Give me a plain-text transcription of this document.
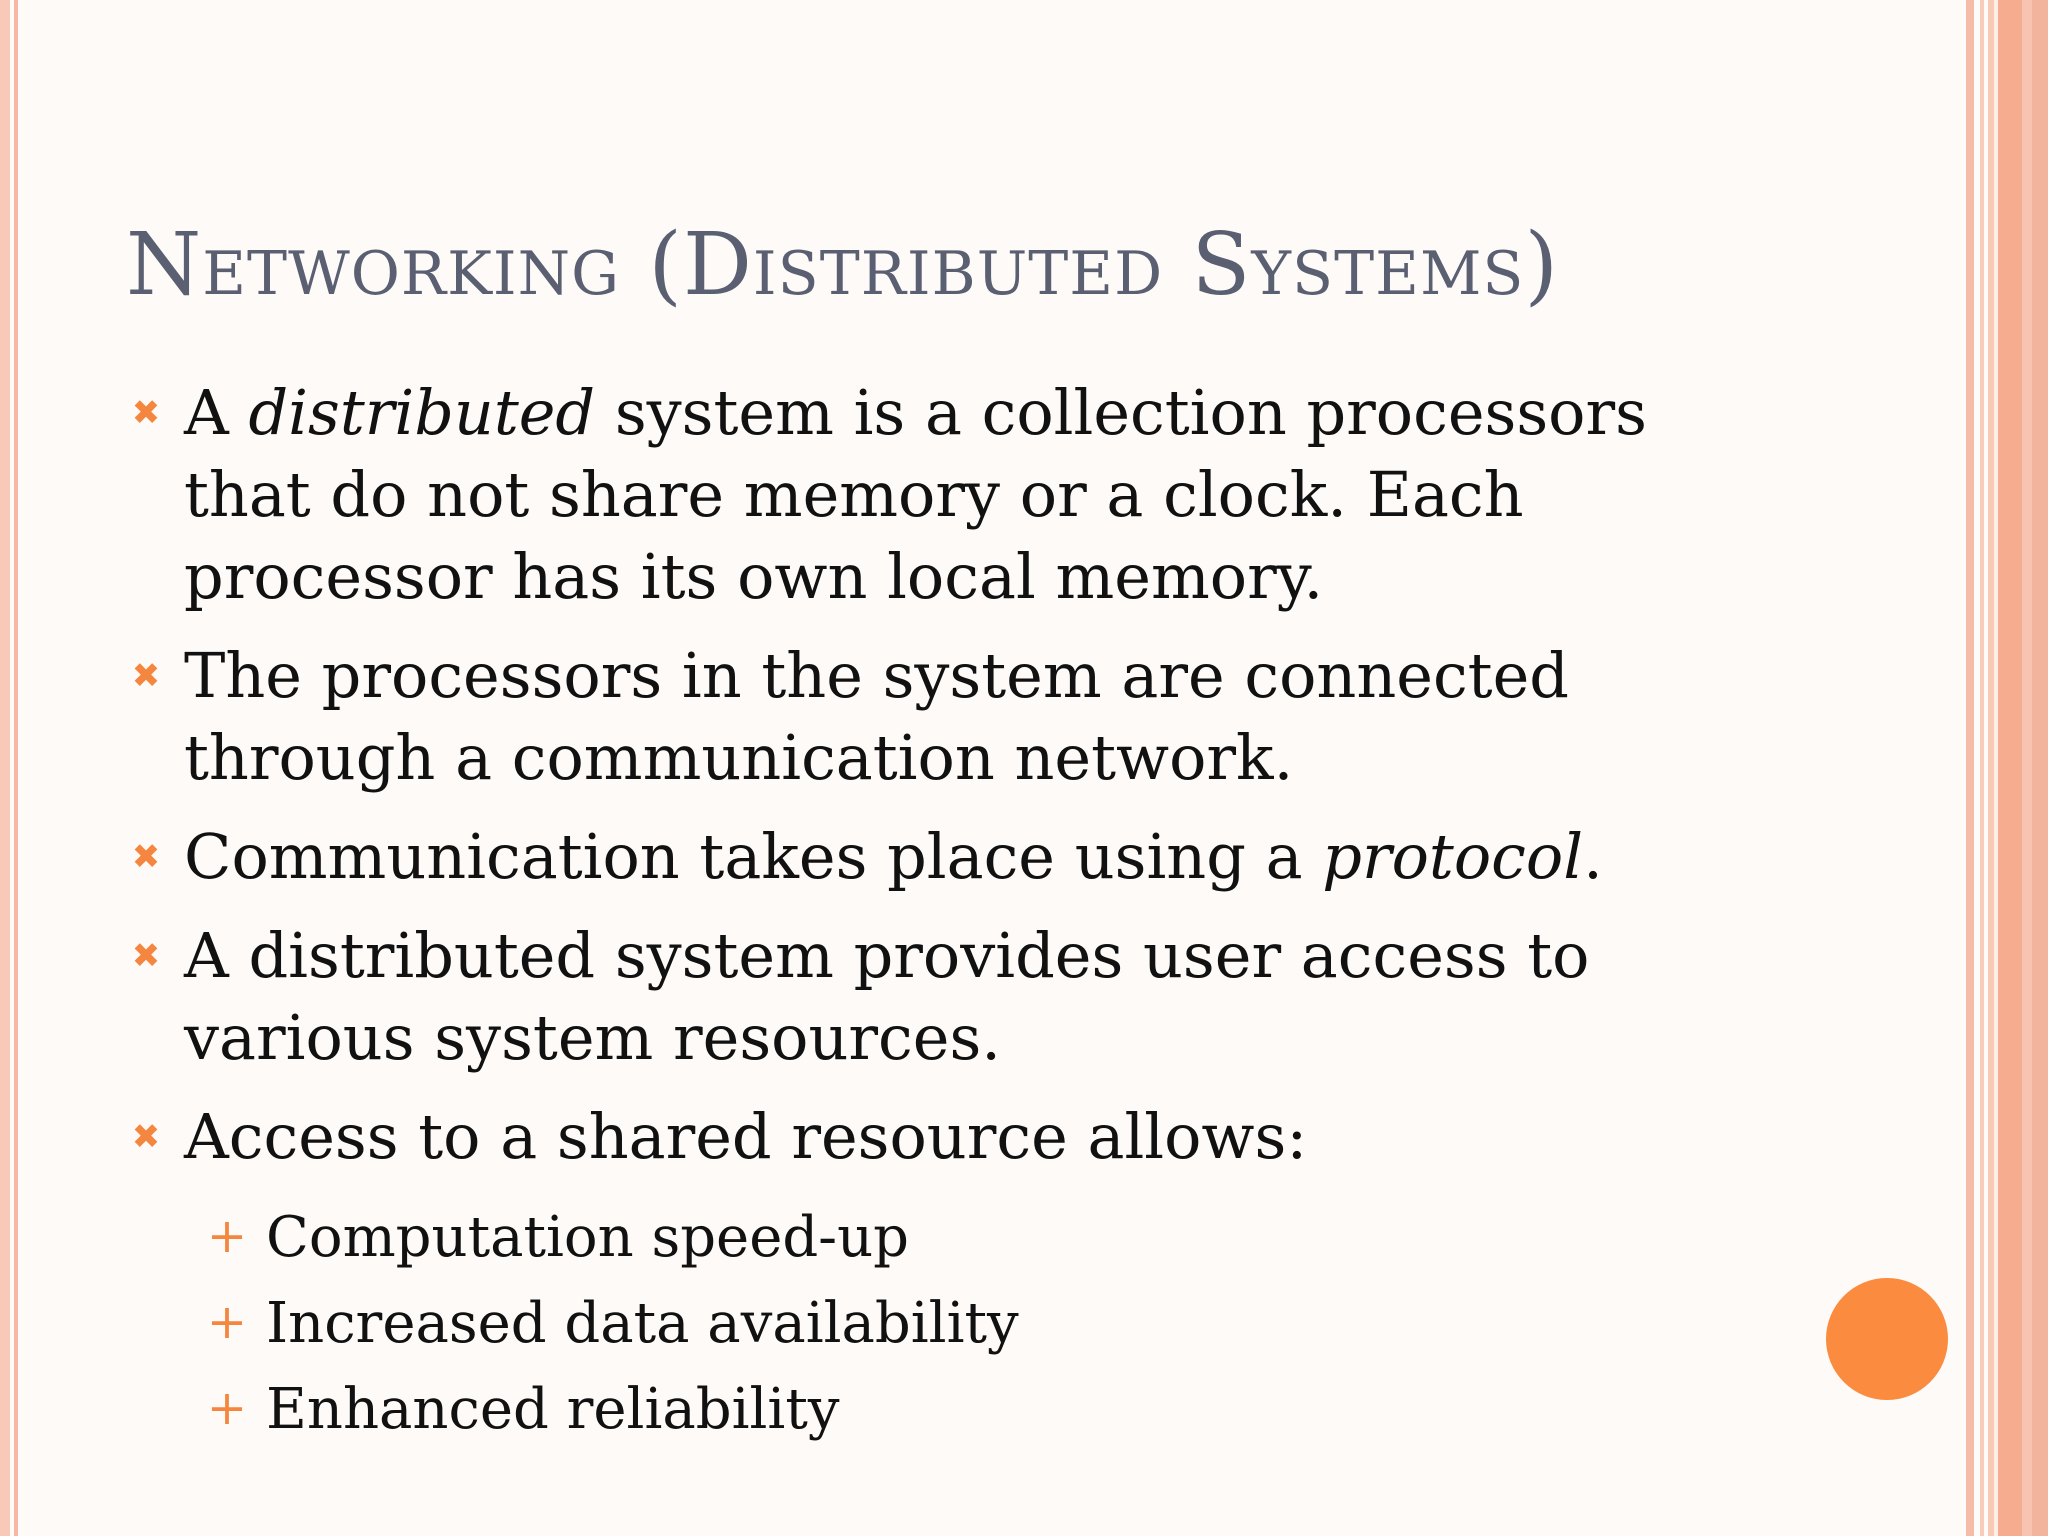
Networking (Distributed Systems)
✖ A distributed system is a collection processors that do not share memory or a clock. Each processor has its own local memory.
✖ The processors in the system are connected through a communication network.
✖ Communication takes place using a protocol.
✖ A distributed system provides user access to various system resources.
✖ Access to a shared resource allows:
+ Computation speed-up
+ Increased data availability
+ Enhanced reliability
